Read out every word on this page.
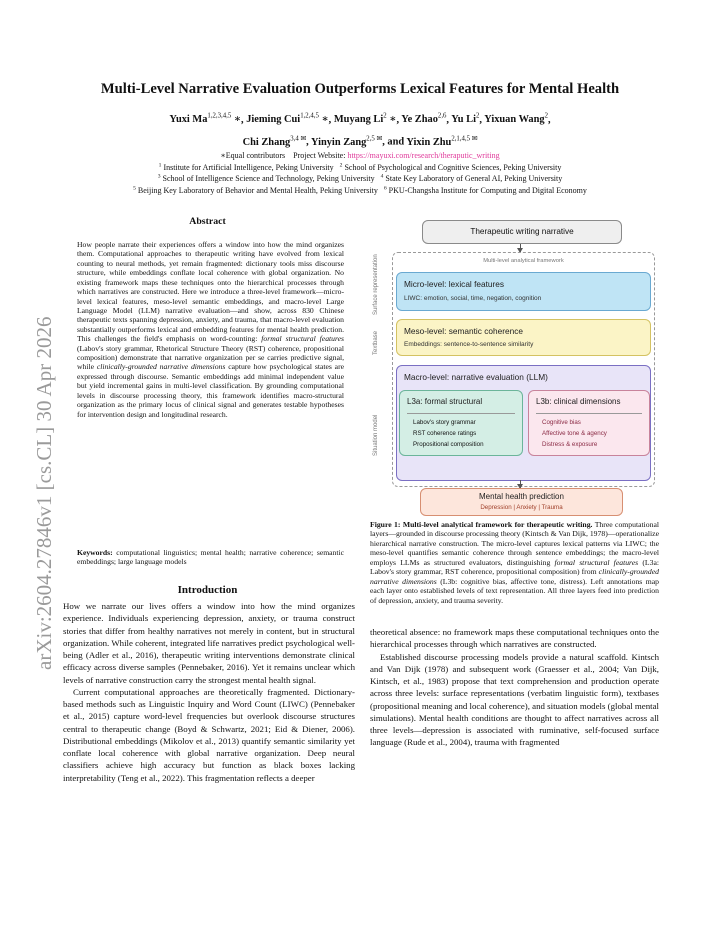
arXiv:2604.27846v1 [cs.CL] 30 Apr 2026
Multi-Level Narrative Evaluation Outperforms Lexical Features for Mental Health
Yuxi Ma$^{1,2,3,4,5}$ ∗, Jieming Cui$^{1,2,4,5}$ ∗, Muyang Li$^2$ ∗, Ye Zhao$^{2,6}$, Yu Li$^2$, Yixuan Wang$^2$,
Chi Zhang$^{3,4 ✉}$, Yinyin Zang$^{2,5 ✉}$, and Yixin Zhu$^{2,1,4,5 ✉}$
∗Equal contributors Project Website: https://mayuxi.com/research/theraputic_writing
$^1$ Institute for Artificial Intelligence, Peking University $^2$ School of Psychological and Cognitive Sciences, Peking University
$^3$ School of Intelligence Science and Technology, Peking University $^4$ State Key Laboratory of General AI, Peking University
$^5$ Beijing Key Laboratory of Behavior and Mental Health, Peking University $^6$ PKU-Changsha Institute for Computing and Digital Economy
Abstract
How people narrate their experiences offers a window into how the mind organizes them. Computational approaches to therapeutic writing have evolved from lexical counting to neural methods, yet remain fragmented: dictionary tools miss discourse structure, while embeddings conflate local coherence with global organization. No existing framework maps these techniques onto the hierarchical processes through which narratives are constructed. Here we introduce a three-level framework—micro-level lexical features, meso-level semantic embeddings, and macro-level Large Language Model (LLM) narrative evaluation—and show, across 830 Chinese therapeutic texts spanning depression, anxiety, and trauma, that macro-level evaluation substantially outperforms lexical and embedding features for mental health prediction. This challenges the field's emphasis on word-counting: formal structural features (Labov's story grammar, Rhetorical Structure Theory (RST) coherence, propositional composition) demonstrate that narrative organization per se carries predictive signal, while clinically-grounded narrative dimensions capture how psychological states are expressed through discourse. Semantic embeddings add minimal independent value but yield incremental gains in multi-level classification. By grounding computational levels in discourse processing theory, this framework identifies macro-structural organization as the primary locus of clinical signal and generates testable hypotheses for intervention design and longitudinal research.
Keywords: computational linguistics; mental health; narrative coherence; semantic embeddings; large language models
Introduction

How we narrate our lives offers a window into how the mind organizes experience. Individuals experiencing depression, anxiety, or trauma construct stories that differ from healthy narratives not merely in content, but in structural organization. While coherent, integrated life narratives predict psychological well-being (Adler et al., 2016), therapeutic writing interventions demonstrate clinical efficacy across diverse samples (Pennebaker, 2016). Yet it remains unclear which levels of narrative construction carry the strongest mental health signal.

Current computational approaches are theoretically fragmented. Dictionary-based methods such as Linguistic Inquiry and Word Count (LIWC) (Pennebaker et al., 2015) capture word-level frequencies but overlook discourse structures central to therapeutic change (Boyd & Schwartz, 2021; Eid & Diener, 2006). Distributional embeddings (Mikolov et al., 2013) quantify semantic similarity yet conflate local coherence with global narrative organization. Deep neural classifiers achieve high accuracy but function as black boxes lacking interpretability (Teng et al., 2022). This fragmentation reflects a deeper

Therapeutic writing narrative
Multi-level analytical framework
Surface representation
Textbase
Situation model
Micro-level: lexical features
LIWC: emotion, social, time, negation, cognition
Meso-level: semantic coherence
Embeddings: sentence-to-sentence similarity
Macro-level: narrative evaluation (LLM)
L3a: formal structural
Labov's story grammar
RST coherence ratings
Propositional composition
L3b: clinical dimensions
Cognitive bias
Affective tone & agency
Distress & exposure
Mental health prediction
Depression | Anxiety | Trauma
Figure 1: Multi-level analytical framework for therapeutic writing. Three computational layers—grounded in discourse processing theory (Kintsch & Van Dijk, 1978)—operationalize hierarchical narrative construction. The micro-level captures lexical patterns via LIWC; the meso-level quantifies semantic coherence through sentence embeddings; the macro-level employs LLMs as structured evaluators, distinguishing formal structural features (L3a: Labov's story grammar, RST coherence, propositional composition) from clinically-grounded narrative dimensions (L3b: cognitive bias, affective tone, distress). Left annotations map each layer onto established levels of text representation. All three layers feed into prediction of depression, anxiety, and trauma severity.

theoretical absence: no framework maps these computational techniques onto the hierarchical processes through which narratives are constructed.

Established discourse processing models provide a natural scaffold. Kintsch and Van Dijk (1978) and subsequent work (Graesser et al., 2004; Van Dijk, Kintsch, et al., 1983) propose that text comprehension and production operate across three levels: surface representations (verbatim linguistic form), textbases (propositional meaning and local coherence), and situation models (global mental simulations). Mental health conditions are thought to affect narratives across all three levels—depression is associated with ruminative, self-focused surface language (Rude et al., 2004), trauma with fragmented
